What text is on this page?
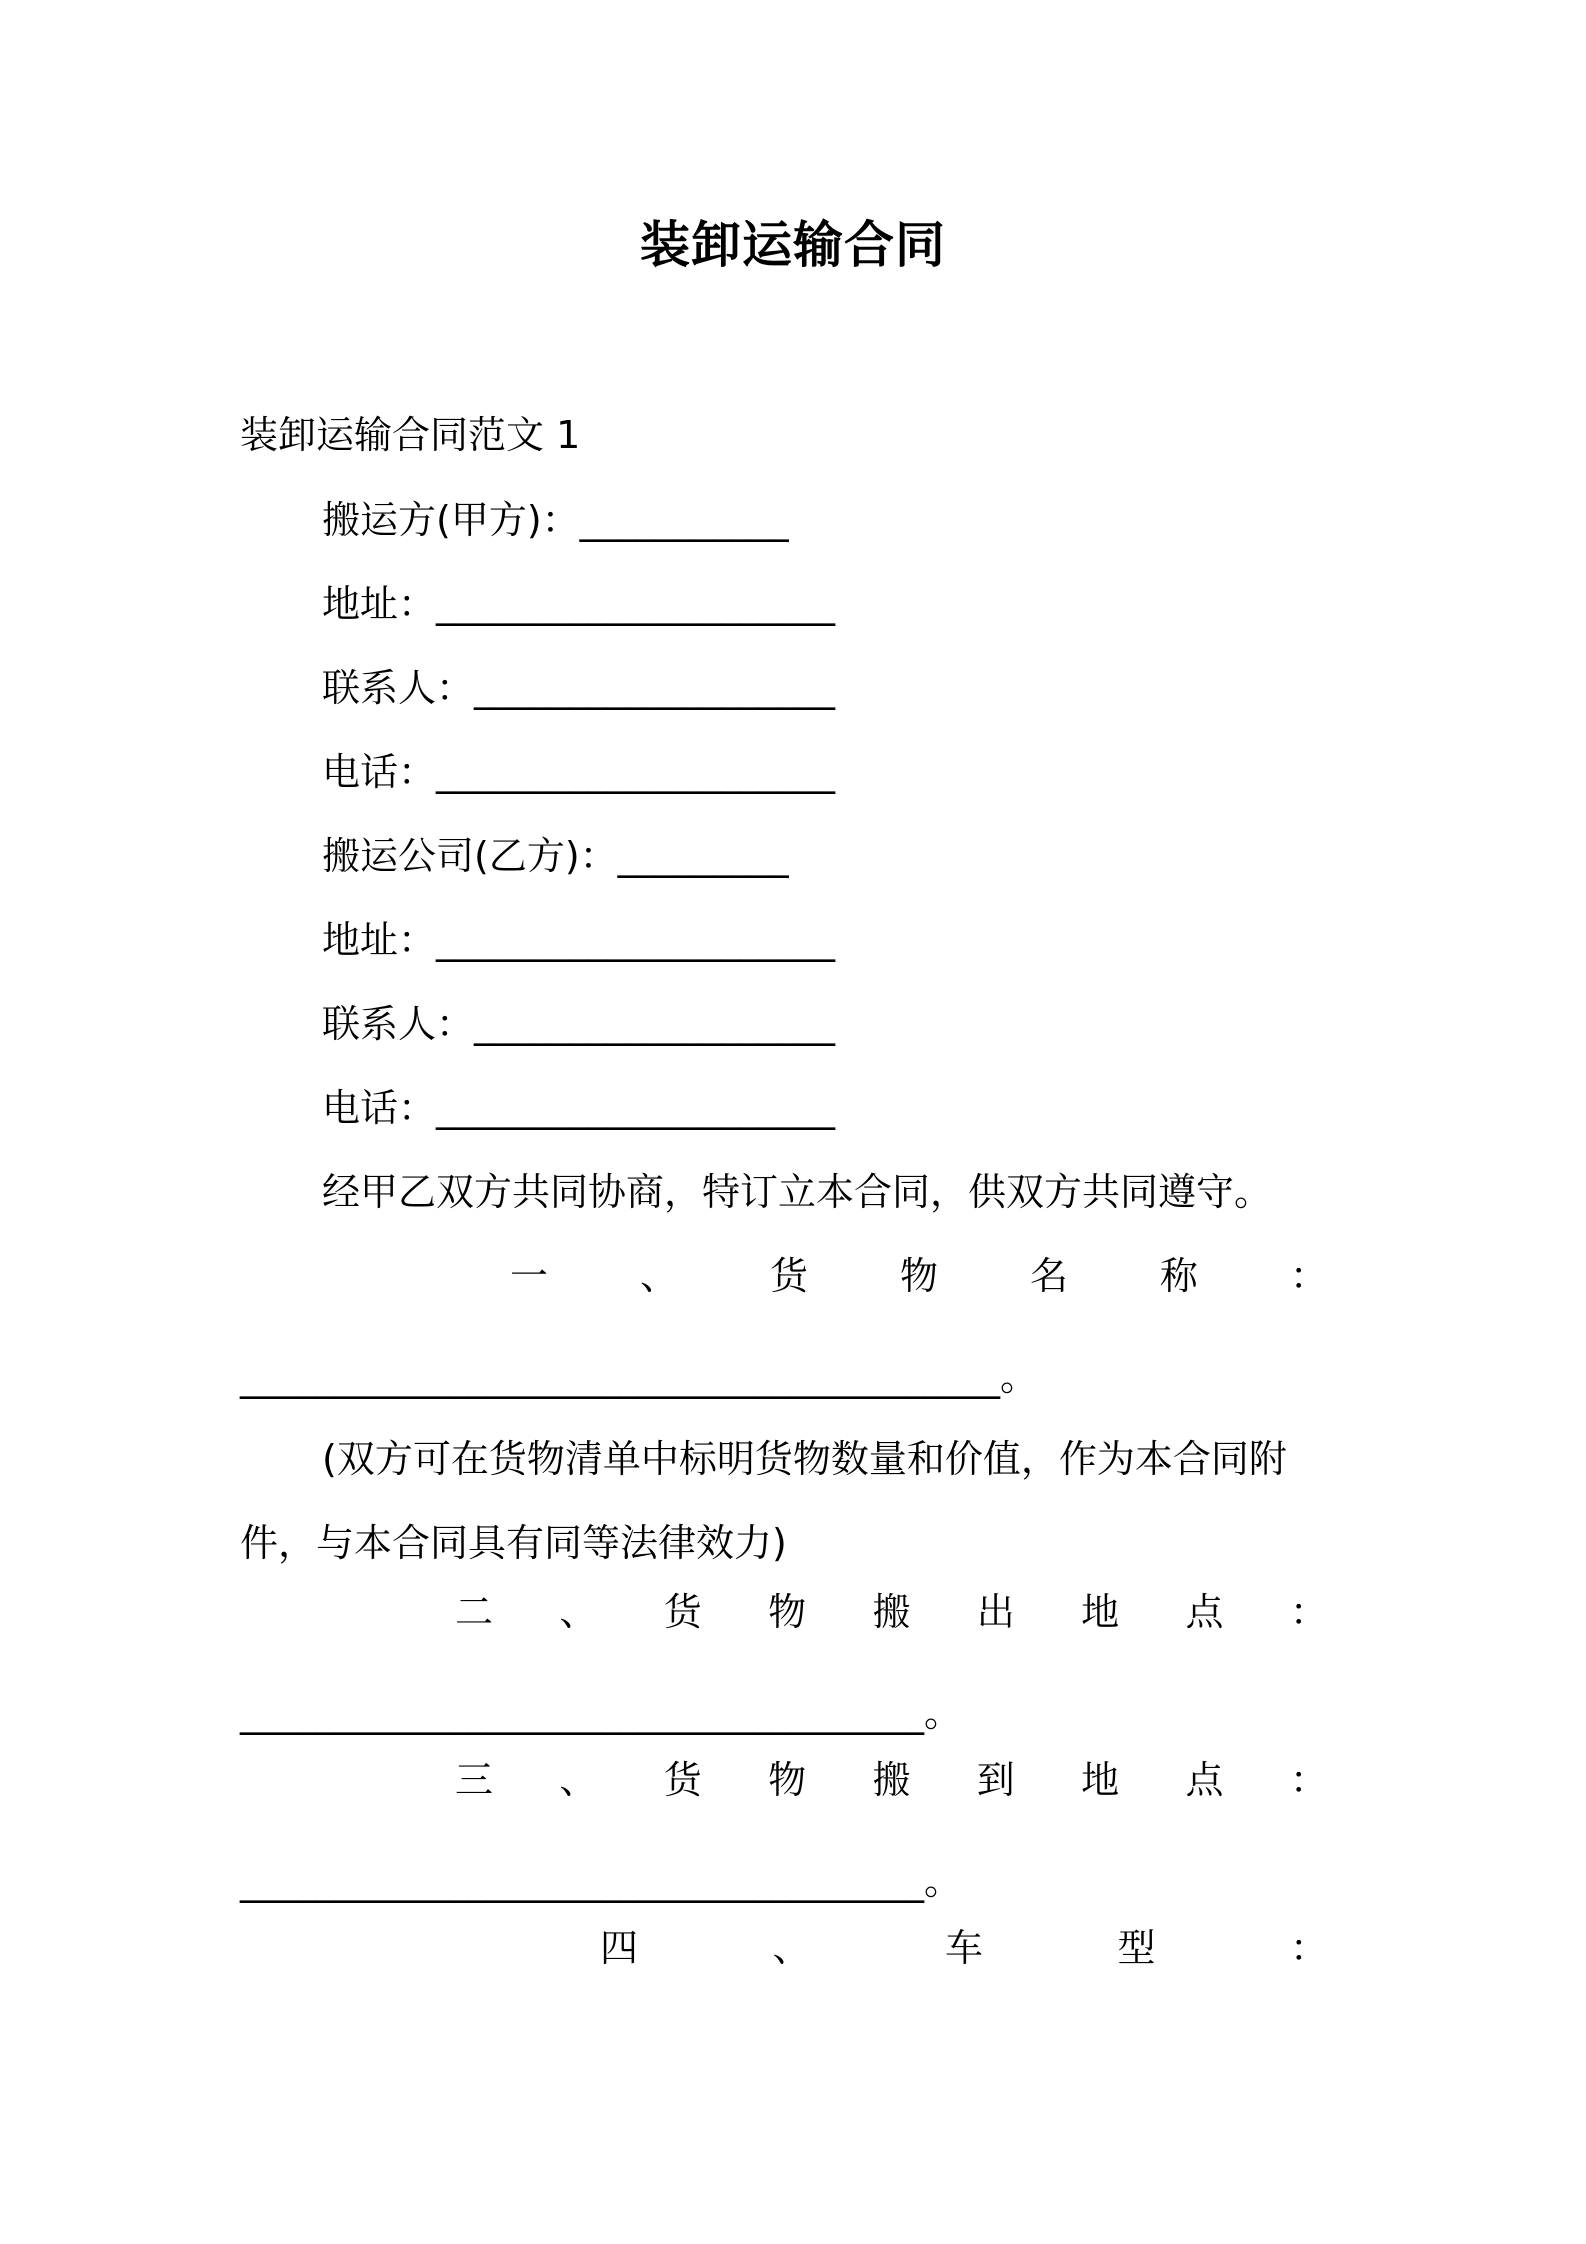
装卸运输合同
装卸运输合同范文 1
搬运方(甲方)：___________
地址：_____________________
联系人：___________________
电话：_____________________
搬运公司(乙方)：_________
地址：_____________________
联系人：___________________
电话：_____________________
经甲乙双方共同协商，特订立本合同，供双方共同遵守。
一 、 货 物 名 称 ：
________________________________________。
(双方可在货物清单中标明货物数量和价值，作为本合同附件，与本合同具有同等法律效力)
二 、 货 物 搬 出 地 点 ：
____________________________________。
三 、 货 物 搬 到 地 点 ：
____________________________________。
四	、	车	型	：
